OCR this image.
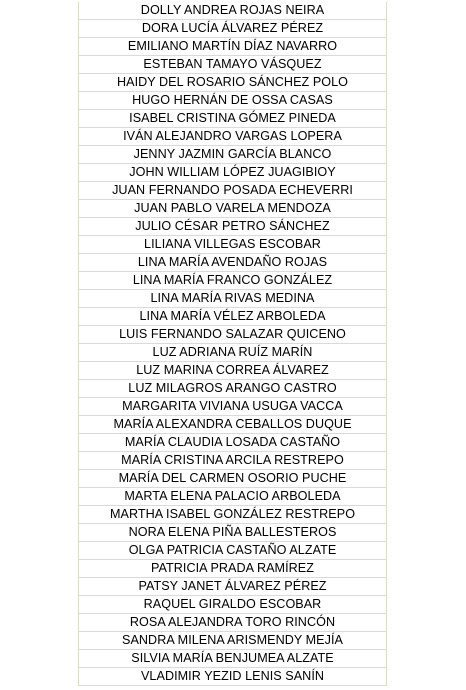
DOLLY ANDREA ROJAS NEIRA
DORA LUCÍA ÁLVAREZ PÉREZ
EMILIANO MARTÍN DÍAZ NAVARRO
ESTEBAN TAMAYO VÁSQUEZ
HAIDY DEL ROSARIO SÁNCHEZ POLO
HUGO HERNÁN DE OSSA CASAS
ISABEL CRISTINA GÓMEZ PINEDA
IVÁN ALEJANDRO VARGAS LOPERA
JENNY JAZMIN GARCÍA BLANCO
JOHN WILLIAM LÓPEZ JUAGIBIOY
JUAN FERNANDO POSADA ECHEVERRI
JUAN PABLO VARELA MENDOZA
JULIO CÉSAR PETRO SÁNCHEZ
LILIANA VILLEGAS ESCOBAR
LINA MARÍA AVENDAÑO ROJAS
LINA MARÍA FRANCO GONZÁLEZ
LINA MARÍA RIVAS MEDINA
LINA MARÍA VÉLEZ ARBOLEDA
LUIS FERNANDO SALAZAR QUICENO
LUZ ADRIANA RUÍZ MARÍN
LUZ MARINA CORREA ÁLVAREZ
LUZ MILAGROS ARANGO CASTRO
MARGARITA VIVIANA USUGA VACCA
MARÍA ALEXANDRA CEBALLOS DUQUE
MARÍA CLAUDIA LOSADA CASTAÑO
MARÍA CRISTINA ARCILA RESTREPO
MARÍA DEL CARMEN OSORIO PUCHE
MARTA ELENA PALACIO ARBOLEDA
MARTHA ISABEL GONZÁLEZ RESTREPO
NORA ELENA PIÑA BALLESTEROS
OLGA PATRICIA CASTAÑO ALZATE
PATRICIA PRADA RAMÍREZ
PATSY JANET ÁLVAREZ PÉREZ
RAQUEL GIRALDO ESCOBAR
ROSA ALEJANDRA TORO RINCÓN
SANDRA MILENA ARISMENDY MEJÍA
SILVIA MARÍA BENJUMEA ALZATE
VLADIMIR YEZID LENIS SANÍN
